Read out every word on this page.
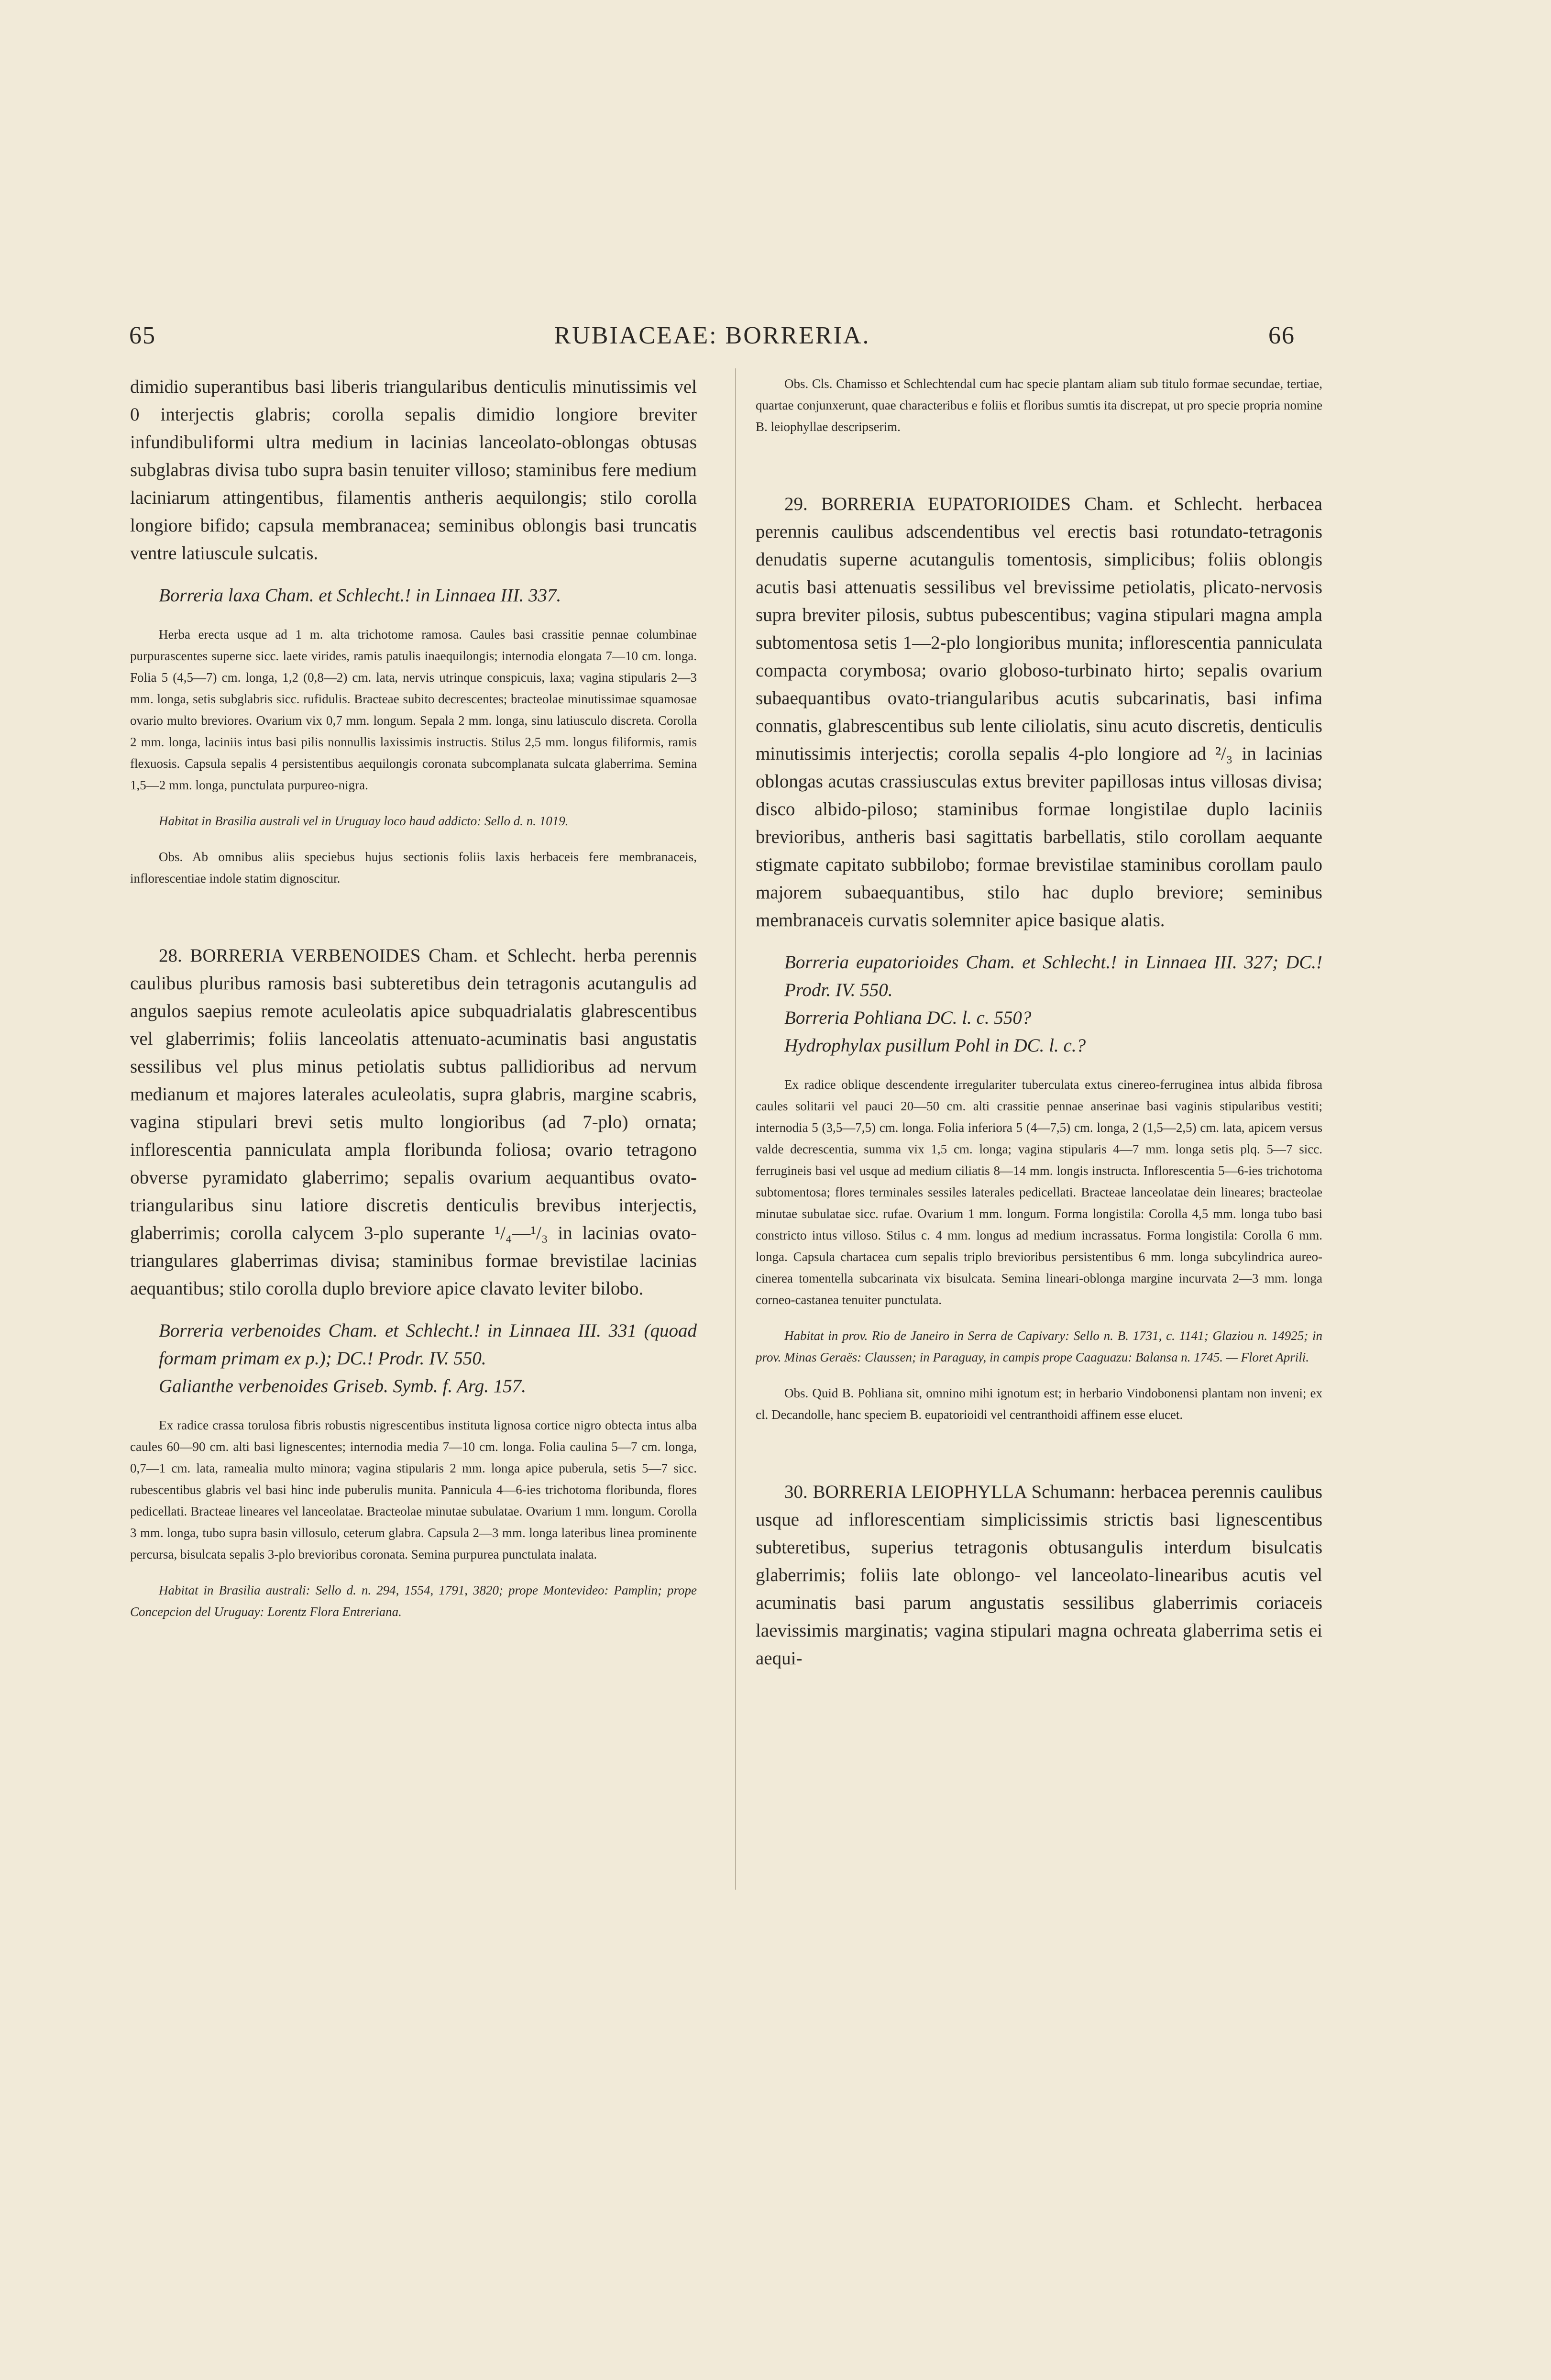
65	RUBIACEAE: BORRERIA.	66

dimidio superantibus basi liberis triangularibus denticulis minutissimis vel 0 interjectis glabris; corolla sepalis dimidio longiore breviter infundibuliformi ultra medium in lacinias lanceolato-oblongas obtusas subglabras divisa tubo supra basin tenuiter villoso; staminibus fere medium laciniarum attingentibus, filamentis antheris aequilongis; stilo corolla longiore bifido; capsula membranacea; seminibus oblongis basi truncatis ventre latiuscule sulcatis.

Borreria laxa Cham. et Schlecht.! in Linnaea III. 337.

Herba erecta usque ad 1 m. alta trichotome ramosa. Caules basi crassitie pennae columbinae purpurascentes superne sicc. laete virides, ramis patulis inaequilongis; internodia elongata 7—10 cm. longa. Folia 5 (4,5—7) cm. longa, 1,2 (0,8—2) cm. lata, nervis utrinque conspicuis, laxa; vagina stipularis 2—3 mm. longa, setis subglabris sicc. rufidulis. Bracteae subito decrescentes; bracteolae minutissimae squamosae ovario multo breviores. Ovarium vix 0,7 mm. longum. Sepala 2 mm. longa, sinu latiusculo discreta. Corolla 2 mm. longa, laciniis intus basi pilis nonnullis laxissimis instructis. Stilus 2,5 mm. longus filiformis, ramis flexuosis. Capsula sepalis 4 persistentibus aequilongis coronata subcomplanata sulcata glaberrima. Semina 1,5—2 mm. longa, punctulata purpureo-nigra.

Habitat in Brasilia australi vel in Uruguay loco haud addicto: Sello d. n. 1019.

Obs. Ab omnibus aliis speciebus hujus sectionis foliis laxis herbaceis fere membranaceis, inflorescentiae indole statim dignoscitur.

28. BORRERIA VERBENOIDES Cham. et Schlecht. herba perennis caulibus pluribus ramosis basi subteretibus dein tetragonis acutangulis ad angulos saepius remote aculeolatis apice subquadrialatis glabrescentibus vel glaberrimis; foliis lanceolatis attenuato-acuminatis basi angustatis sessilibus vel plus minus petiolatis subtus pallidioribus ad nervum medianum et majores laterales aculeolatis, supra glabris, margine scabris, vagina stipulari brevi setis multo longioribus (ad 7-plo) ornata; inflorescentia panniculata ampla floribunda foliosa; ovario tetragono obverse pyramidato glaberrimo; sepalis ovarium aequantibus ovato-triangularibus sinu latiore discretis denticulis brevibus interjectis, glaberrimis; corolla calycem 3-plo superante ¹/₄—¹/₃ in lacinias ovato-triangulares glaberrimas divisa; staminibus formae brevistilae lacinias aequantibus; stilo corolla duplo breviore apice clavato leviter bilobo.

Borreria verbenoides Cham. et Schlecht.! in Linnaea III. 331 (quoad formam primam ex p.); DC.! Prodr. IV. 550.

Galianthe verbenoides Griseb. Symb. f. Arg. 157.

Ex radice crassa torulosa fibris robustis nigrescentibus instituta lignosa cortice nigro obtecta intus alba caules 60—90 cm. alti basi lignescentes; internodia media 7—10 cm. longa. Folia caulina 5—7 cm. longa, 0,7—1 cm. lata, ramealia multo minora; vagina stipularis 2 mm. longa apice puberula, setis 5—7 sicc. rubescentibus glabris vel basi hinc inde puberulis munita. Pannicula 4—6-ies trichotoma floribunda, flores pedicellati. Bracteae lineares vel lanceolatae. Bracteolae minutae subulatae. Ovarium 1 mm. longum. Corolla 3 mm. longa, tubo supra basin villosulo, ceterum glabra. Capsula 2—3 mm. longa lateribus linea prominente percursa, bisulcata sepalis 3-plo brevioribus coronata. Semina purpurea punctulata inalata.

Habitat in Brasilia australi: Sello d. n. 294, 1554, 1791, 3820; prope Montevideo: Pamplin; prope Concepcion del Uruguay: Lorentz Flora Entreriana.

Obs. Cls. Chamisso et Schlechtendal cum hac specie plantam aliam sub titulo formae secundae, tertiae, quartae conjunxerunt, quae characteribus e foliis et floribus sumtis ita discrepat, ut pro specie propria nomine B. leiophyllae descripserim.

29. BORRERIA EUPATORIOIDES Cham. et Schlecht. herbacea perennis caulibus adscendentibus vel erectis basi rotundato-tetragonis denudatis superne acutangulis tomentosis, simplicibus; foliis oblongis acutis basi attenuatis sessilibus vel brevissime petiolatis, plicato-nervosis supra breviter pilosis, subtus pubescentibus; vagina stipulari magna ampla subtomentosa setis 1—2-plo longioribus munita; inflorescentia panniculata compacta corymbosa; ovario globoso-turbinato hirto; sepalis ovarium subaequantibus ovato-triangularibus acutis subcarinatis, basi infima connatis, glabrescentibus sub lente ciliolatis, sinu acuto discretis, denticulis minutissimis interjectis; corolla sepalis 4-plo longiore ad ²/₃ in lacinias oblongas acutas crassiusculas extus breviter papillosas intus villosas divisa; disco albido-piloso; staminibus formae longistilae duplo laciniis brevioribus, antheris basi sagittatis barbellatis, stilo corollam aequante stigmate capitato subbilobo; formae brevistilae staminibus corollam paulo majorem subaequantibus, stilo hac duplo breviore; seminibus membranaceis curvatis solemniter apice basique alatis.

Borreria eupatorioides Cham. et Schlecht.! in Linnaea III. 327; DC.! Prodr. IV. 550.

Borreria Pohliana DC. l. c. 550?

Hydrophylax pusillum Pohl in DC. l. c.?

Ex radice oblique descendente irregulariter tuberculata extus cinereo-ferruginea intus albida fibrosa caules solitarii vel pauci 20—50 cm. alti crassitie pennae anserinae basi vaginis stipularibus vestiti; internodia 5 (3,5—7,5) cm. longa. Folia inferiora 5 (4—7,5) cm. longa, 2 (1,5—2,5) cm. lata, apicem versus valde decrescentia, summa vix 1,5 cm. longa; vagina stipularis 4—7 mm. longa setis plq. 5—7 sicc. ferrugineis basi vel usque ad medium ciliatis 8—14 mm. longis instructa. Inflorescentia 5—6-ies trichotoma subtomentosa; flores terminales sessiles laterales pedicellati. Bracteae lanceolatae dein lineares; bracteolae minutae subulatae sicc. rufae. Ovarium 1 mm. longum. Forma longistila: Corolla 4,5 mm. longa tubo basi constricto intus villoso. Stilus c. 4 mm. longus ad medium incrassatus. Forma longistila: Corolla 6 mm. longa. Capsula chartacea cum sepalis triplo brevioribus persistentibus 6 mm. longa subcylindrica aureo-cinerea tomentella subcarinata vix bisulcata. Semina lineari-oblonga margine incurvata 2—3 mm. longa corneo-castanea tenuiter punctulata.

Habitat in prov. Rio de Janeiro in Serra de Capivary: Sello n. B. 1731, c. 1141; Glaziou n. 14925; in prov. Minas Geraës: Claussen; in Paraguay, in campis prope Caaguazu: Balansa n. 1745. — Floret Aprili.

Obs. Quid B. Pohliana sit, omnino mihi ignotum est; in herbario Vindobonensi plantam non inveni; ex cl. Decandolle, hanc speciem B. eupatorioidi vel centranthoidi affinem esse elucet.

30. BORRERIA LEIOPHYLLA Schumann: herbacea perennis caulibus usque ad inflorescentiam simplicissimis strictis basi lignescentibus subteretibus, superius tetragonis obtusangulis interdum bisulcatis glaberrimis; foliis late oblongo- vel lanceolato-linearibus acutis vel acuminatis basi parum angustatis sessilibus glaberrimis coriaceis laevissimis marginatis; vagina stipulari magna ochreata glaberrima setis ei aequi-
